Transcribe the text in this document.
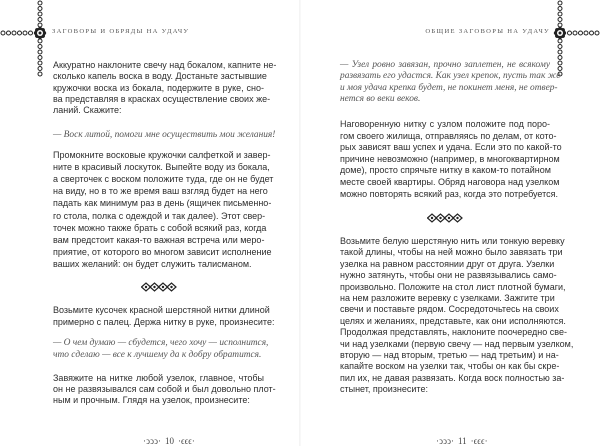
ЗАГОВОРЫ И ОБРЯДЫ НА УДАЧУ
Аккуратно наклоните свечу над бокалом, капните не-
сколько капель воска в воду. Достаньте застывшие
кружочки воска из бокала, подержите в руке, сно-
ва представляя в красках осуществление своих же-
ланий. Скажите:
— Воск литой, помоги мне осуществить мои желания!
Промокните восковые кружочки салфеткой и завер-
ните в красивый лоскуток. Выпейте воду из бокала,
а сверточек с воском положите туда, где он не будет
на виду, но в то же время ваш взгляд будет на него
падать как минимум раз в день (ящичек письменно-
го стола, полка с одеждой и так далее). Этот свер-
точек можно также брать с собой всякий раз, когда
вам предстоит какая-то важная встреча или меро-
приятие, от которого во многом зависит исполнение
ваших желаний: он будет служить талисманом.
Возьмите кусочек красной шерстяной нитки длиной
примерно с палец. Держа нитку в руке, произнесите:
— О чем думаю — сбудется, чего хочу — исполнится,
что сделаю — все к лучшему да к добру обратится.
Завяжите на нитке любой узелок, главное, чтобы
он не развязывался сам собой и был довольно плот-
ным и прочным. Глядя на узелок, произнесите:
·ↄↄↄ· 10 ·ϵϵϵ·
ОБЩИЕ ЗАГОВОРЫ НА УДАЧУ
— Узел ровно завязан, прочно заплетен, не всякому
развязать его удастся. Как узел крепок, пусть так же
и моя удача крепка будет, не покинет меня, не отвер-
нется во веки веков.
Наговоренную нитку с узлом положите под поро-
гом своего жилища, отправляясь по делам, от кото-
рых зависят ваш успех и удача. Если это по какой-то
причине невозможно (например, в многоквартирном
доме), просто спрячьте нитку в каком-то потайном
месте своей квартиры. Обряд наговора над узелком
можно повторять всякий раз, когда это потребуется.
Возьмите белую шерстяную нить или тонкую веревку
такой длины, чтобы на ней можно было завязать три
узелка на равном расстоянии друг от друга. Узелки
нужно затянуть, чтобы они не развязывались само-
произвольно. Положите на стол лист плотной бумаги,
на нем разложите веревку с узелками. Зажгите три
свечи и поставьте рядом. Сосредоточьтесь на своих
целях и желаниях, представьте, как они исполняются.
Продолжая представлять, наклоните поочередно све-
чи над узелками (первую свечу — над первым узелком,
вторую — над вторым, третью — над третьим) и на-
капайте воском на узелки так, чтобы он как бы скре-
пил их, не давая развязать. Когда воск полностью за-
стынет, произнесите:
·ↄↄↄ· 11 ·ϵϵϵ·
